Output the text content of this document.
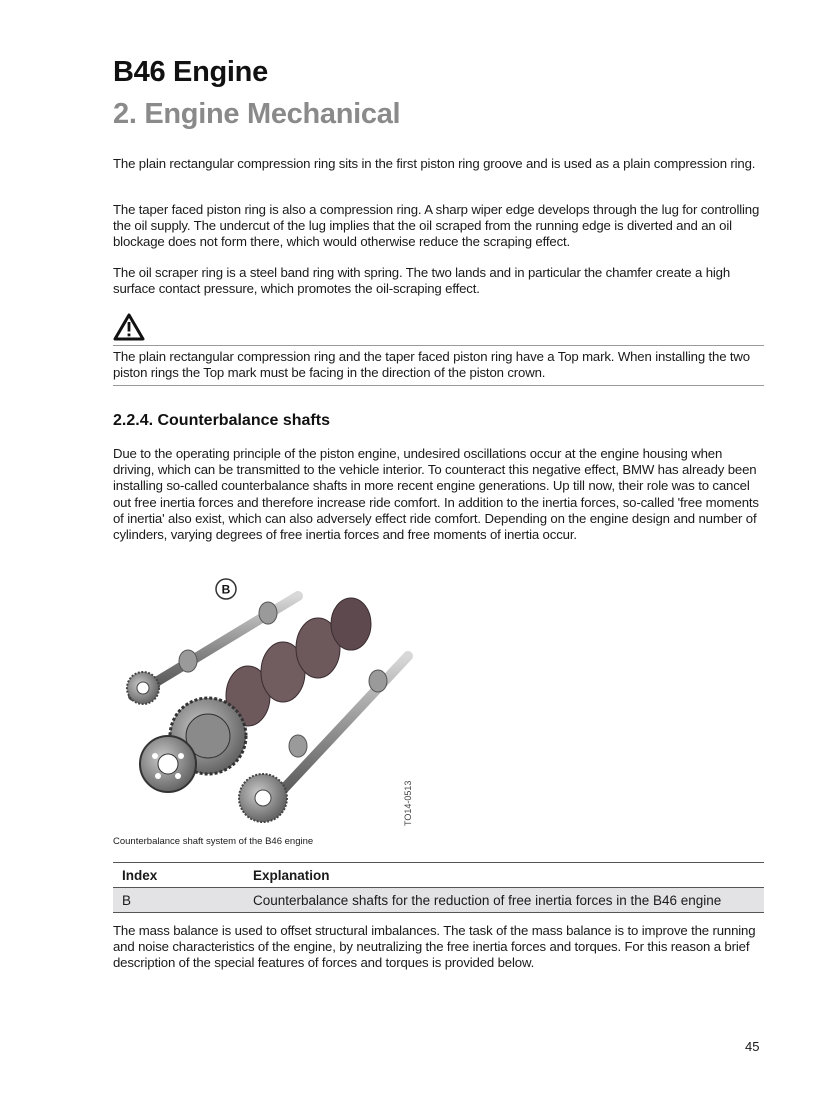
B46 Engine
2. Engine Mechanical

The plain rectangular compression ring sits in the first piston ring groove and is used as a plain compression ring.

The taper faced piston ring is also a compression ring. A sharp wiper edge develops through the lug for controlling the oil supply. The undercut of the lug implies that the oil scraped from the running edge is diverted and an oil blockage does not form there, which would otherwise reduce the scraping effect.

The oil scraper ring is a steel band ring with spring. The two lands and in particular the chamfer create a high surface contact pressure, which promotes the oil-scraping effect.

The plain rectangular compression ring and the taper faced piston ring have a Top mark. When installing the two piston rings the Top mark must be facing in the direction of the piston crown.

2.2.4. Counterbalance shafts

Due to the operating principle of the piston engine, undesired oscillations occur at the engine housing when driving, which can be transmitted to the vehicle interior. To counteract this negative effect, BMW has already been installing so-called counterbalance shafts in more recent engine generations. Up till now, their role was to cancel out free inertia forces and therefore increase ride comfort. In addition to the inertia forces, so-called 'free moments of inertia' also exist, which can also adversely effect ride comfort. Depending on the engine design and number of cylinders, varying degrees of free inertia forces and free moments of inertia occur.

B
TO14-0513
Counterbalance shaft system of the B46 engine
Index	Explanation
B	Counterbalance shafts for the reduction of free inertia forces in the B46 engine

The mass balance is used to offset structural imbalances. The task of the mass balance is to improve the running and noise characteristics of the engine, by neutralizing the free inertia forces and torques. For this reason a brief description of the special features of forces and torques is provided below.

45
